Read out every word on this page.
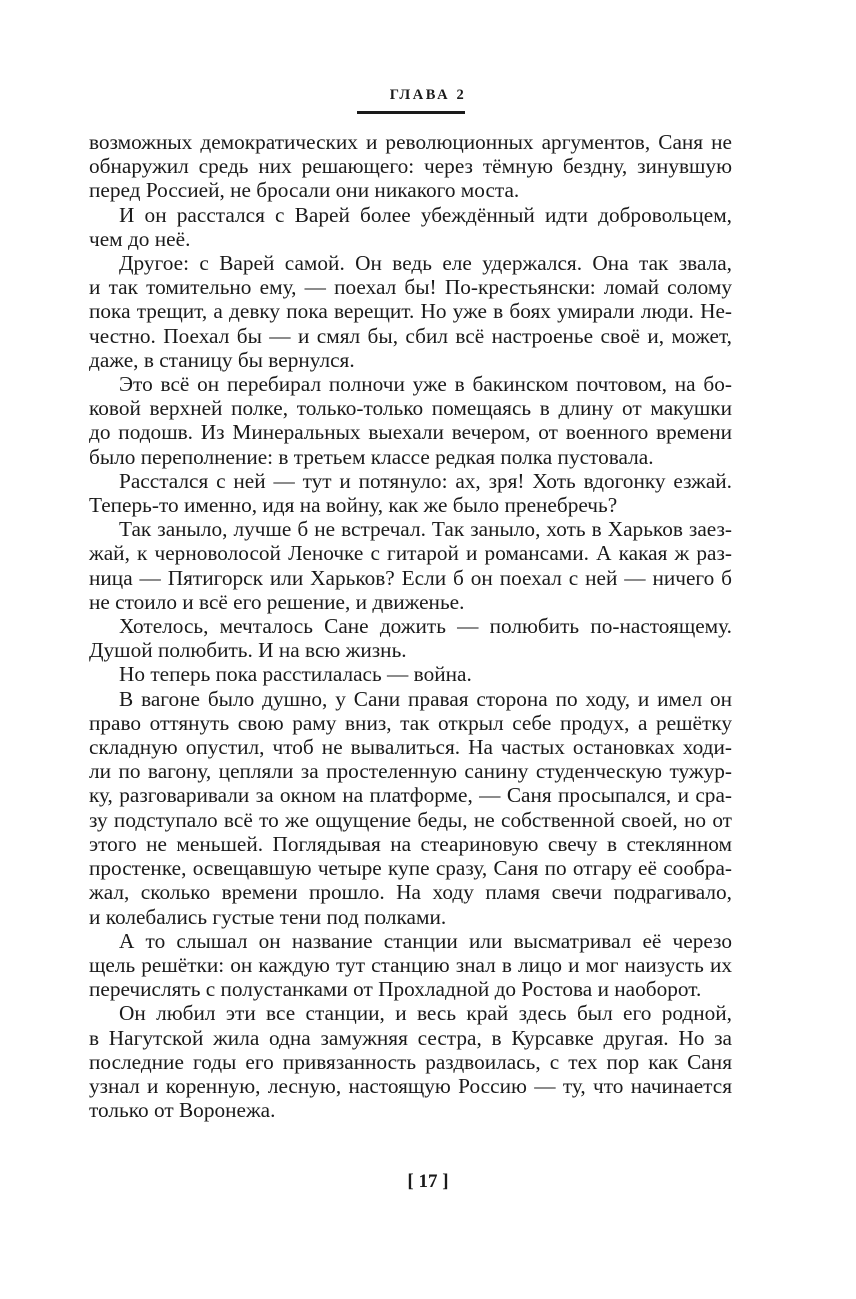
ГЛАВА 2

возможных демократических и революционных аргументов, Саня не
обнаружил средь них решающего: через тёмную бездну, зинувшую
перед Россией, не бросали они никакого моста.

И он расстался с Варей более убеждённый идти добровольцем,
чем до неё.

Другое: с Варей самой. Он ведь еле удержался. Она так звала,
и так томительно ему, — поехал бы! По-крестьянски: ломай солому
пока трещит, а девку пока верещит. Но уже в боях умирали люди. Не-
честно. Поехал бы — и смял бы, сбил всё настроенье своё и, может,
даже, в станицу бы вернулся.

Это всё он перебирал полночи уже в бакинском почтовом, на бо-
ковой верхней полке, только-только помещаясь в длину от макушки
до подошв. Из Минеральных выехали вечером, от военного времени
было переполнение: в третьем классе редкая полка пустовала.

Расстался с ней — тут и потянуло: ах, зря! Хоть вдогонку езжай.
Теперь-то именно, идя на войну, как же было пренебречь?

Так заныло, лучше б не встречал. Так заныло, хоть в Харьков заез-
жай, к черноволосой Леночке с гитарой и романсами. А какая ж раз-
ница — Пятигорск или Харьков? Если б он поехал с ней — ничего б
не стоило и всё его решение, и движенье.

Хотелось, мечталось Сане дожить — полюбить по-настоящему.
Душой полюбить. И на всю жизнь.

Но теперь пока расстилалась — война.

В вагоне было душно, у Сани правая сторона по ходу, и имел он
право оттянуть свою раму вниз, так открыл себе продух, а решётку
складную опустил, чтоб не вывалиться. На частых остановках ходи-
ли по вагону, цепляли за простеленную санину студенческую тужур-
ку, разговаривали за окном на платформе, — Саня просыпался, и сра-
зу подступало всё то же ощущение беды, не собственной своей, но от
этого не меньшей. Поглядывая на стеариновую свечу в стеклянном
простенке, освещавшую четыре купе сразу, Саня по отгару её сообра-
жал, сколько времени прошло. На ходу пламя свечи подрагивало,
и колебались густые тени под полками.

А то слышал он название станции или высматривал её черезо
щель решётки: он каждую тут станцию знал в лицо и мог наизусть их
перечислять с полустанками от Прохладной до Ростова и наоборот.

Он любил эти все станции, и весь край здесь был его родной,
в Нагутской жила одна замужняя сестра, в Курсавке другая. Но за
последние годы его привязанность раздвоилась, с тех пор как Саня
узнал и коренную, лесную, настоящую Россию — ту, что начинается
только от Воронежа.

[ 17 ]
